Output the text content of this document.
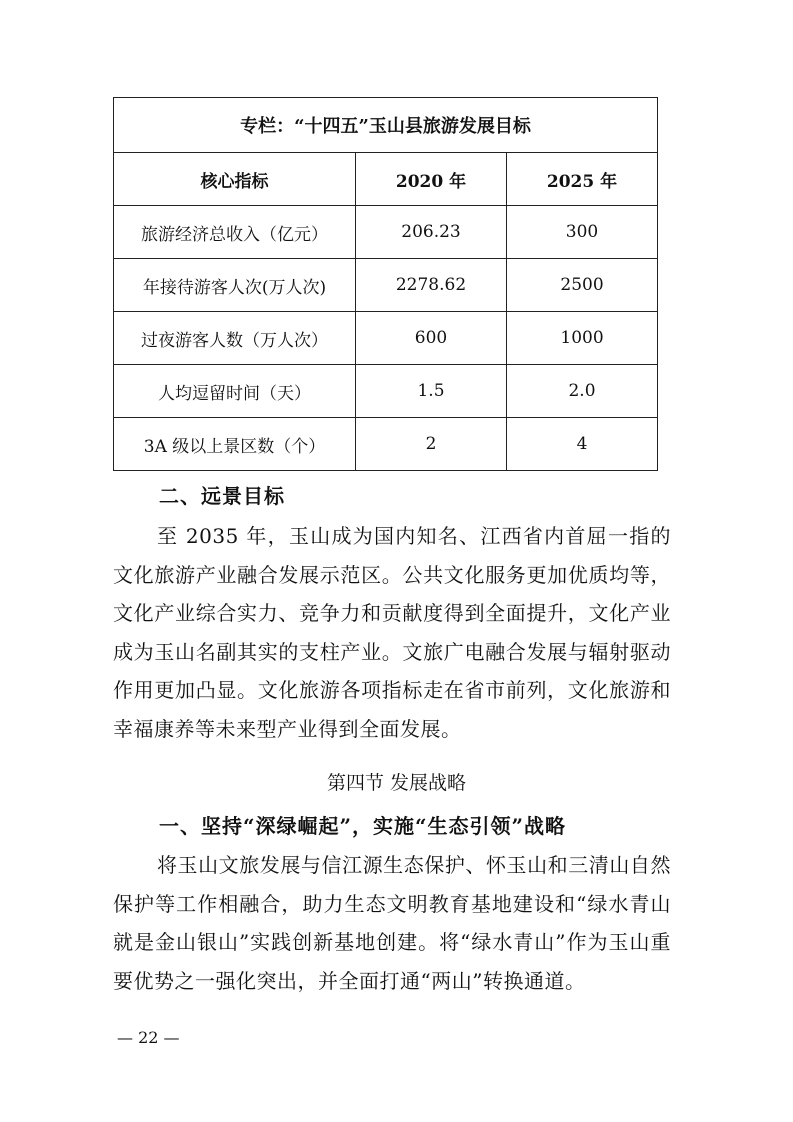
专栏：“十四五”玉山县旅游发展目标		
核心指标	2020 年	2025 年
旅游经济总收入（亿元）	206.23	300
年接待游客人次(万人次)	2278.62	2500
过夜游客人数（万人次）	600	1000
人均逗留时间（天）	1.5	2.0
3A 级以上景区数（个）	2	4
二、远景目标
至 2035 年，玉山成为国内知名、江西省内首屈一指的文化旅游产业融合发展示范区。公共文化服务更加优质均等，文化产业综合实力、竞争力和贡献度得到全面提升，文化产业成为玉山名副其实的支柱产业。文旅广电融合发展与辐射驱动作用更加凸显。文化旅游各项指标走在省市前列，文化旅游和幸福康养等未来型产业得到全面发展。
第四节 发展战略
一、坚持“深绿崛起”，实施“生态引领”战略
将玉山文旅发展与信江源生态保护、怀玉山和三清山自然保护等工作相融合，助力生态文明教育基地建设和“绿水青山就是金山银山”实践创新基地创建。将“绿水青山”作为玉山重要优势之一强化突出，并全面打通“两山”转换通道。
— 22 —
